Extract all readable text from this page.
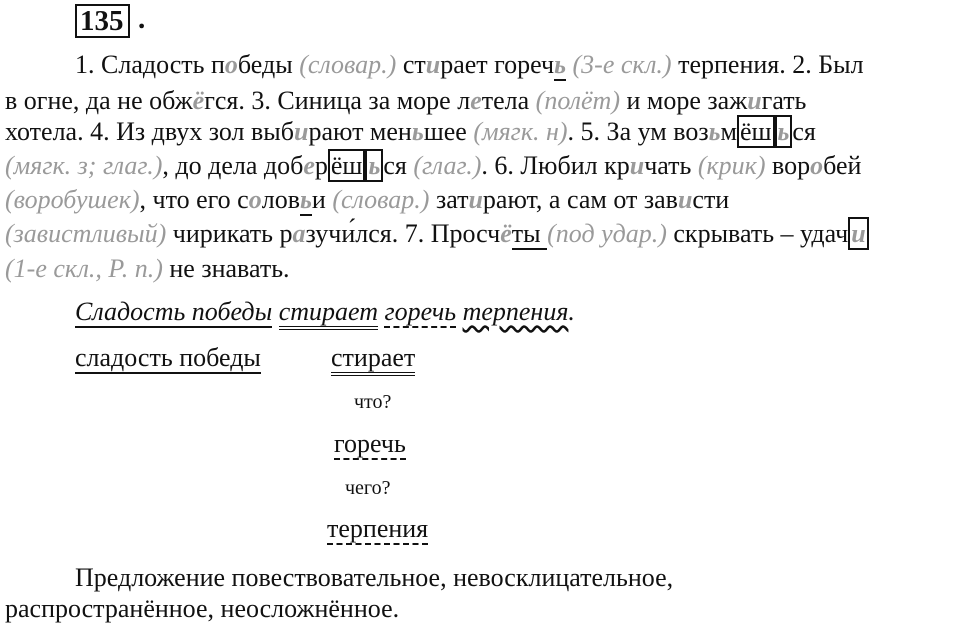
135 .
1. Сладость победы (словар.) стирает горечь (3-е скл.) терпения. 2. Был
в огне, да не обжёгся. 3. Синица за море летела (полёт) и море зажигать
хотела. 4. Из двух зол выбирают меньшее (мягк. н). 5. За ум возьм ёш ь ся
(мягк. з; глаг.), до дела добер ёш ь ся (глаг.). 6. Любил кричать (крик) воробей
(воробушек), что его соловьи (словар.) затирают, а сам от зависти
(завистливый) чирикать разучи́лся. 7. Просчёты (под удар.) скрывать – удач и
(1-е скл., Р. п.) не знавать.
Сладость победы стирает горечь терпения.
сладость победы	стирает
что?
горечь
чего?
терпения
Предложение повествовательное, невосклицательное,
распространённое, неосложнённое.
